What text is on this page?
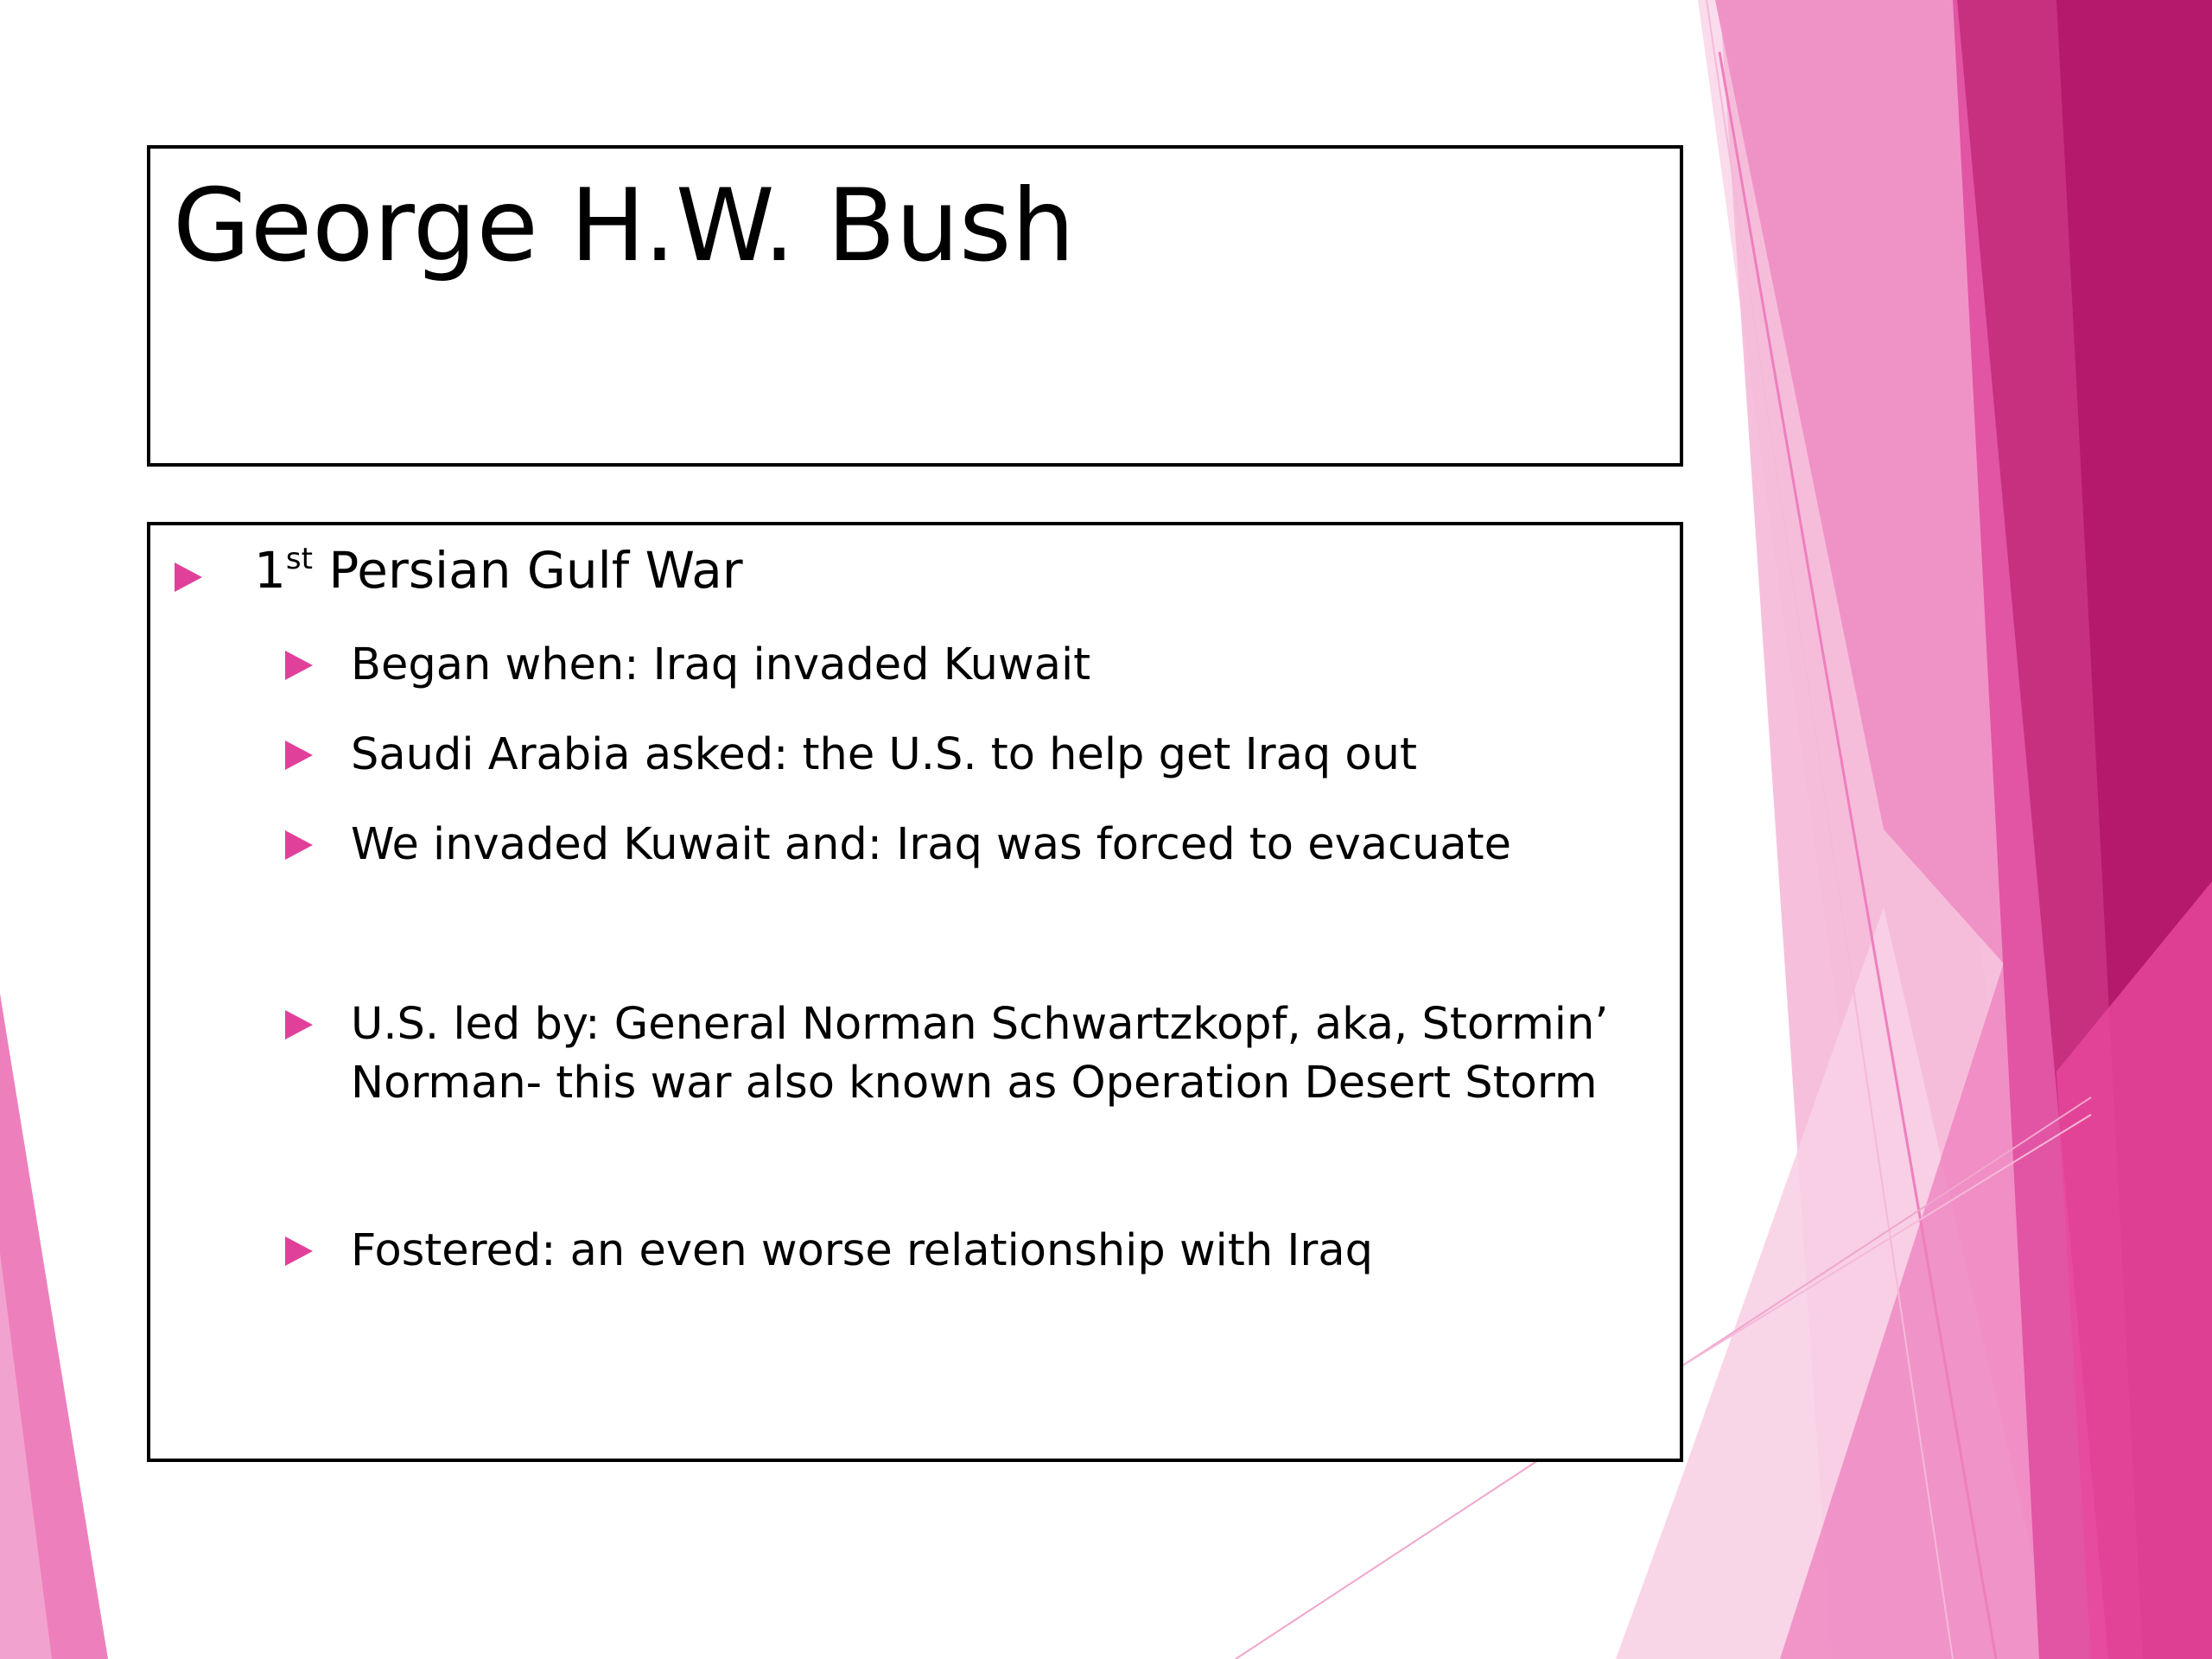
George H.W. Bush
1st Persian Gulf War
Began when: Iraq invaded Kuwait
Saudi Arabia asked: the U.S. to help get Iraq out
We invaded Kuwait and: Iraq was forced to evacuate
U.S. led by: General Norman Schwartzkopf, aka, Stormin’
Norman- this war also known as Operation Desert Storm
Fostered: an even worse relationship with Iraq
